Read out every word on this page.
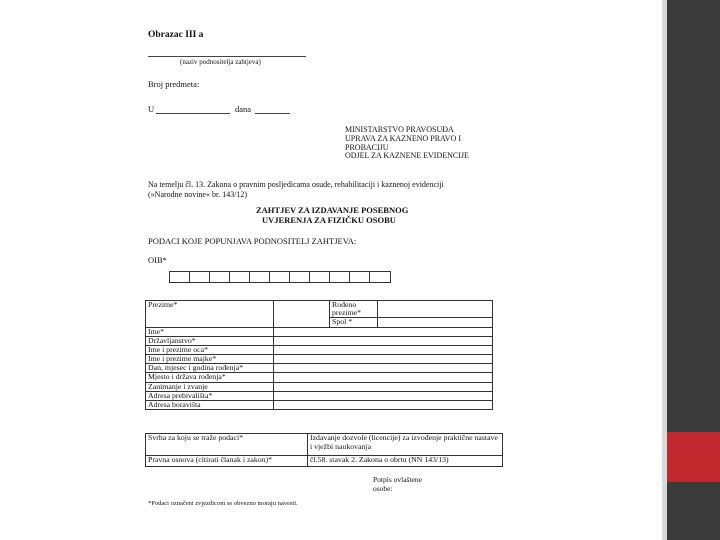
Obrazac III a
(naziv podnositelja zahtjeva)
Broj predmeta:
U	dana
MINISTARSTVO PRAVOSUĐA
UPRAVA ZA KAZNENO PRAVO I
PROBACIJU
ODJEL ZA KAZNENE EVIDENCIJE
Na temelju čl. 13. Zakona o pravnim posljedicama osude, rehabilitaciji i kaznenoj evidenciji
(»Narodne novine« br. 143/12)
ZAHTJEV ZA IZDAVANJE POSEBNOG
UVJERENJA ZA FIZIČKU OSOBU
PODACI KOJE POPUNJAVA PODNOSITELJ ZAHTJEVA:
OIB*
Prezime*		Rođeno prezime*	
		Spol *	
Ime*			
Državljanstvo*			
Ime i prezime oca*			
Ime i prezime majke*			
Dan, mjesec i godina rođenja*			
Mjesto i država rođenja*			
Zanimanje i zvanje			
Adresa prebivališta*			
Adresa boravišta			
Svrha za koju se traže podaci*	Izdavanje dozvole (licencije) za izvođenje praktične nastave i vježbi naukovanja
Pravna osnova (citirati članak i zakon)*	čl.58. stavak 2. Zakona o obrtu (NN 143/13)
Potpis ovlaštene
osobe:
*Podaci označeni zvjezdicom se obvezno moraju navesti.
